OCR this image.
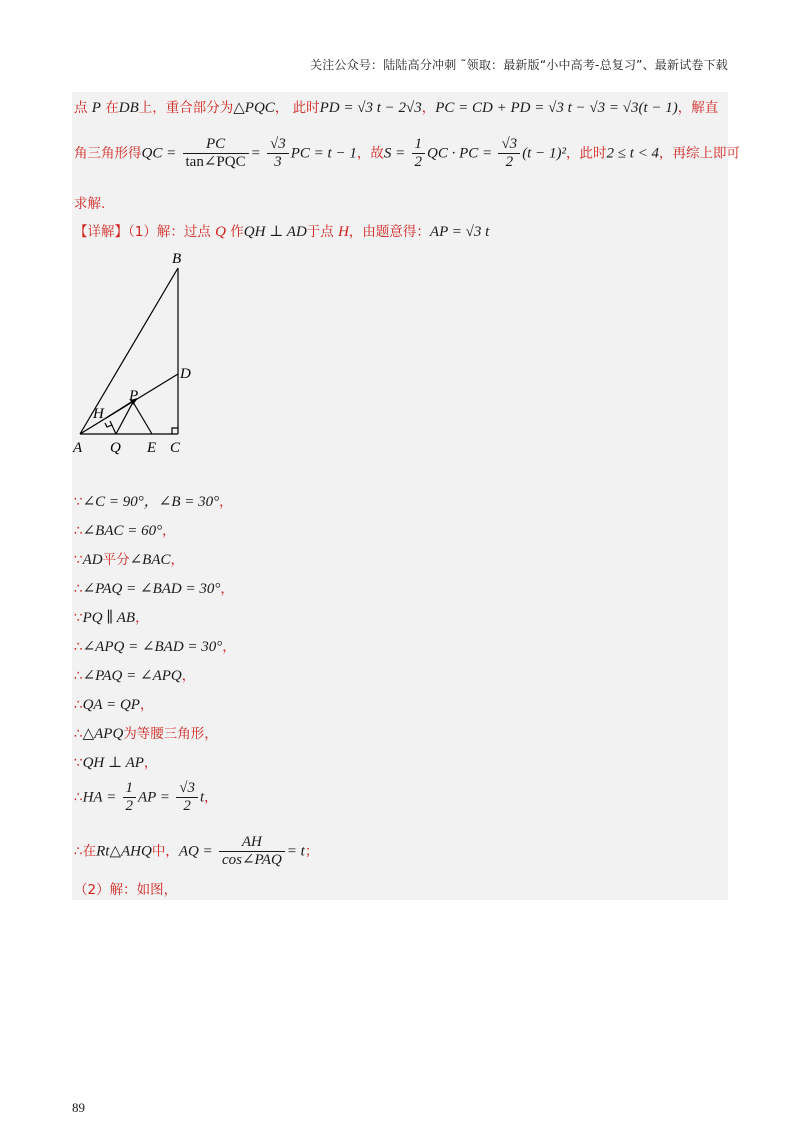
关注公众号：陆陆高分冲刺 ˜领取：最新版“小中高考-总复习”、最新试卷下载
点 P 在DB上，重合部分为△PQC， 此时PD = √3 t − 2√3，PC = CD + PD = √3 t − √3 = √3(t − 1)，解直
角三角形得QC = $\frac{PC}{\text{tan∠PQC}} = \frac{√3}{3}$ PC = t − 1，故$S = \frac{1}{2}$ QC · PC = $\frac{√3}{2} (t - 1)^2$，此时2 ≤ t < 4，再综上即可
求解.
【详解】（1）解：过点 Q 作QH ⊥ AD于点 H，由题意得：AP = √3 t
∵∠C = 90°，∠B = 30°，
∴∠BAC = 60°，
∵AD平分∠BAC，
∴∠PAQ = ∠BAD = 30°，
∵PQ ∥ AB，
∴∠APQ = ∠BAD = 30°，
∴∠PAQ = ∠APQ，
∴QA = QP，
∴△APQ为等腰三角形，
∵QH ⊥ AP，
∴HA = $\frac{1}{2}$ AP = $\frac{√3}{2}$ t，
∴在Rt△AHQ中，AQ = $\frac{AH}{\text{cos∠PAQ}} = t$；
（2）解：如图，
B
D
P
H
A Q E C
89
